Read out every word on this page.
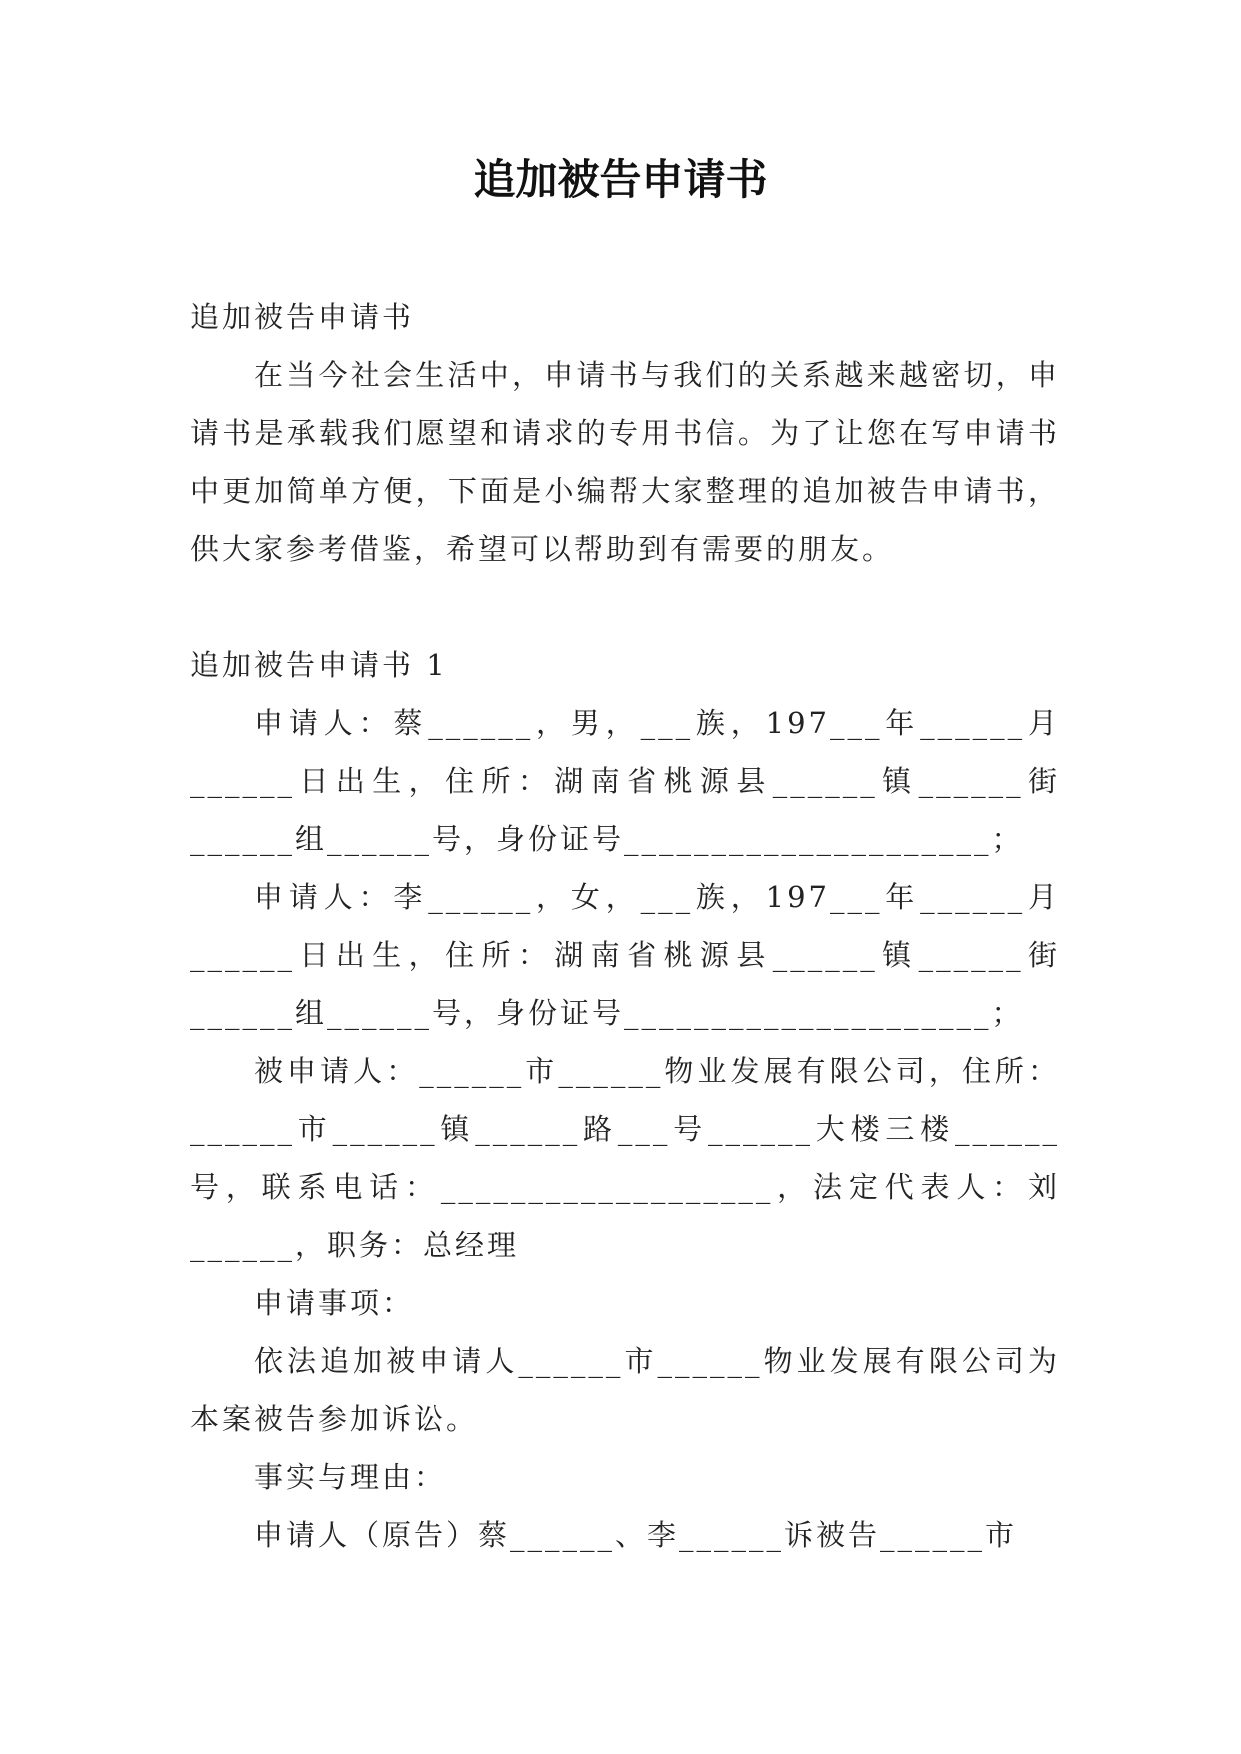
追加被告申请书

追加被告申请书

在当今社会生活中，申请书与我们的关系越来越密切，申请书是承载我们愿望和请求的专用书信。为了让您在写申请书中更加简单方便，下面是小编帮大家整理的追加被告申请书，供大家参考借鉴，希望可以帮助到有需要的朋友。

追加被告申请书 1

申请人：蔡______，男，___族，197___年______月______日出生，住所：湖南省桃源县______镇______街______组______号，身份证号_____________________；

申请人：李______，女，___族，197___年______月______日出生，住所：湖南省桃源县______镇______街______组______号，身份证号_____________________；

被申请人：______市______物业发展有限公司，住所：______市______镇______路___号______大楼三楼______号，联系电话：___________________，法定代表人：刘______，职务：总经理

申请事项：

依法追加被申请人______市______物业发展有限公司为本案被告参加诉讼。

事实与理由：

申请人（原告）蔡______、李______诉被告______市
